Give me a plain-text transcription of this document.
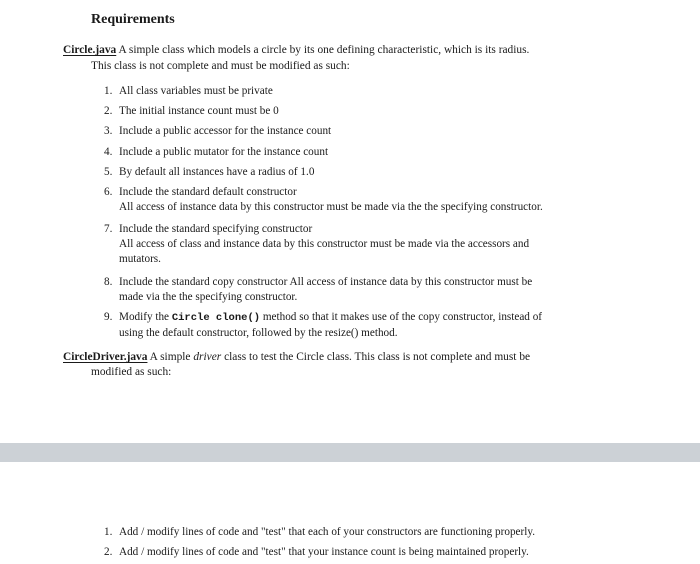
Requirements
Circle.java A simple class which models a circle by its one defining characteristic, which is its radius.
This class is not complete and must be modified as such:
1. All class variables must be private
2. The initial instance count must be 0
3. Include a public accessor for the instance count
4. Include a public mutator for the instance count
5. By default all instances have a radius of 1.0
6. Include the standard default constructor
All access of instance data by this constructor must be made via the the specifying constructor.
7. Include the standard specifying constructor
All access of class and instance data by this constructor must be made via the accessors and
mutators.
8. Include the standard copy constructor All access of instance data by this constructor must be
made via the the specifying constructor.
9. Modify the Circle clone() method so that it makes use of the copy constructor, instead of
using the default constructor, followed by the resize() method.
CircleDriver.java A simple driver class to test the Circle class. This class is not complete and must be
modified as such:
1. Add / modify lines of code and "test" that each of your constructors are functioning properly.
2. Add / modify lines of code and "test" that your instance count is being maintained properly.
